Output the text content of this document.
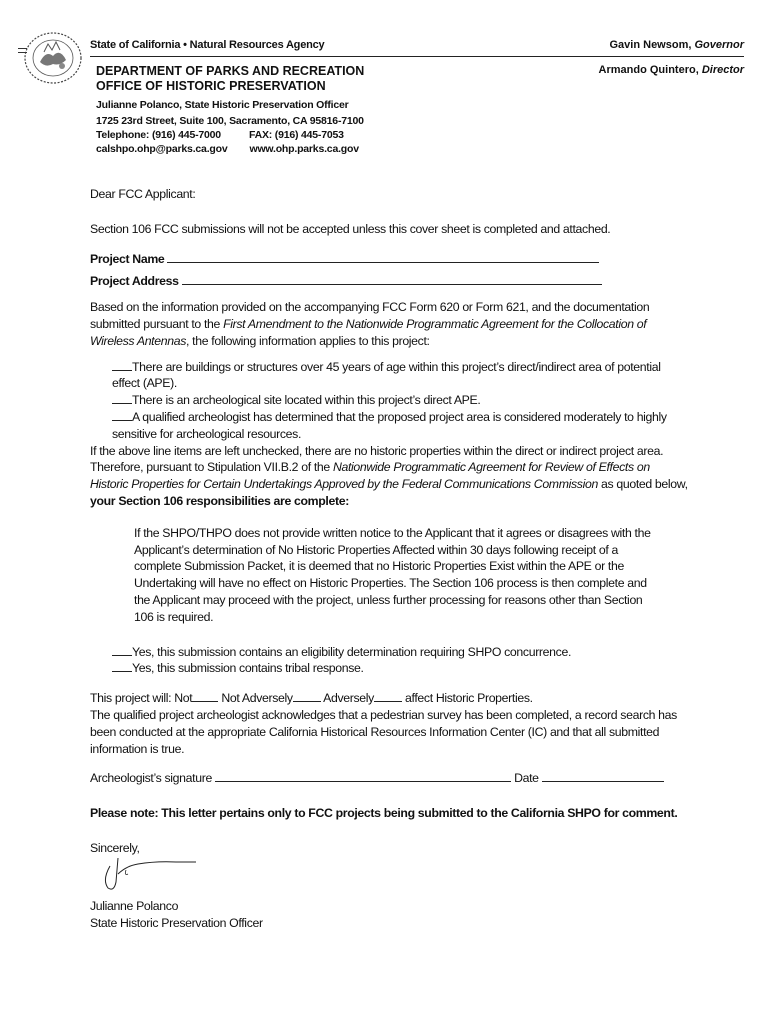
State of California • Natural Resources Agency	Gavin Newsom, Governor
DEPARTMENT OF PARKS AND RECREATION
OFFICE OF HISTORIC PRESERVATION
Armando Quintero, Director
Julianne Polanco, State Historic Preservation Officer
1725 23rd Street, Suite 100, Sacramento, CA 95816-7100
Telephone: (916) 445-7000	FAX: (916) 445-7053
calshpo.ohp@parks.ca.gov www.ohp.parks.ca.gov

Dear FCC Applicant:

Section 106 FCC submissions will not be accepted unless this cover sheet is completed and attached.

Project Name

Project Address

Based on the information provided on the accompanying FCC Form 620 or Form 621, and the documentation submitted pursuant to the First Amendment to the Nationwide Programmatic Agreement for the Collocation of Wireless Antennas, the following information applies to this project:

There are buildings or structures over 45 years of age within this project’s direct/indirect area of potential effect (APE).

There is an archeological site located within this project’s direct APE.

A qualified archeologist has determined that the proposed project area is considered moderately to highly sensitive for archeological resources.

If the above line items are left unchecked, there are no historic properties within the direct or indirect project area. Therefore, pursuant to Stipulation VII.B.2 of the Nationwide Programmatic Agreement for Review of Effects on Historic Properties for Certain Undertakings Approved by the Federal Communications Commission as quoted below, your Section 106 responsibilities are complete:

If the SHPO/THPO does not provide written notice to the Applicant that it agrees or disagrees with the Applicant’s determination of No Historic Properties Affected within 30 days following receipt of a complete Submission Packet, it is deemed that no Historic Properties Exist within the APE or the Undertaking will have no effect on Historic Properties. The Section 106 process is then complete and the Applicant may proceed with the project, unless further processing for reasons other than Section 106 is required.

Yes, this submission contains an eligibility determination requiring SHPO concurrence.

Yes, this submission contains tribal response.

This project will: Not Not Adversely Adversely affect Historic Properties.

The qualified project archeologist acknowledges that a pedestrian survey has been completed, a record search has been conducted at the appropriate California Historical Resources Information Center (IC) and that all submitted information is true.

Archeologist’s signature	Date

Please note: This letter pertains only to FCC projects being submitted to the California SHPO for comment.

Sincerely,

Julianne Polanco
State Historic Preservation Officer
